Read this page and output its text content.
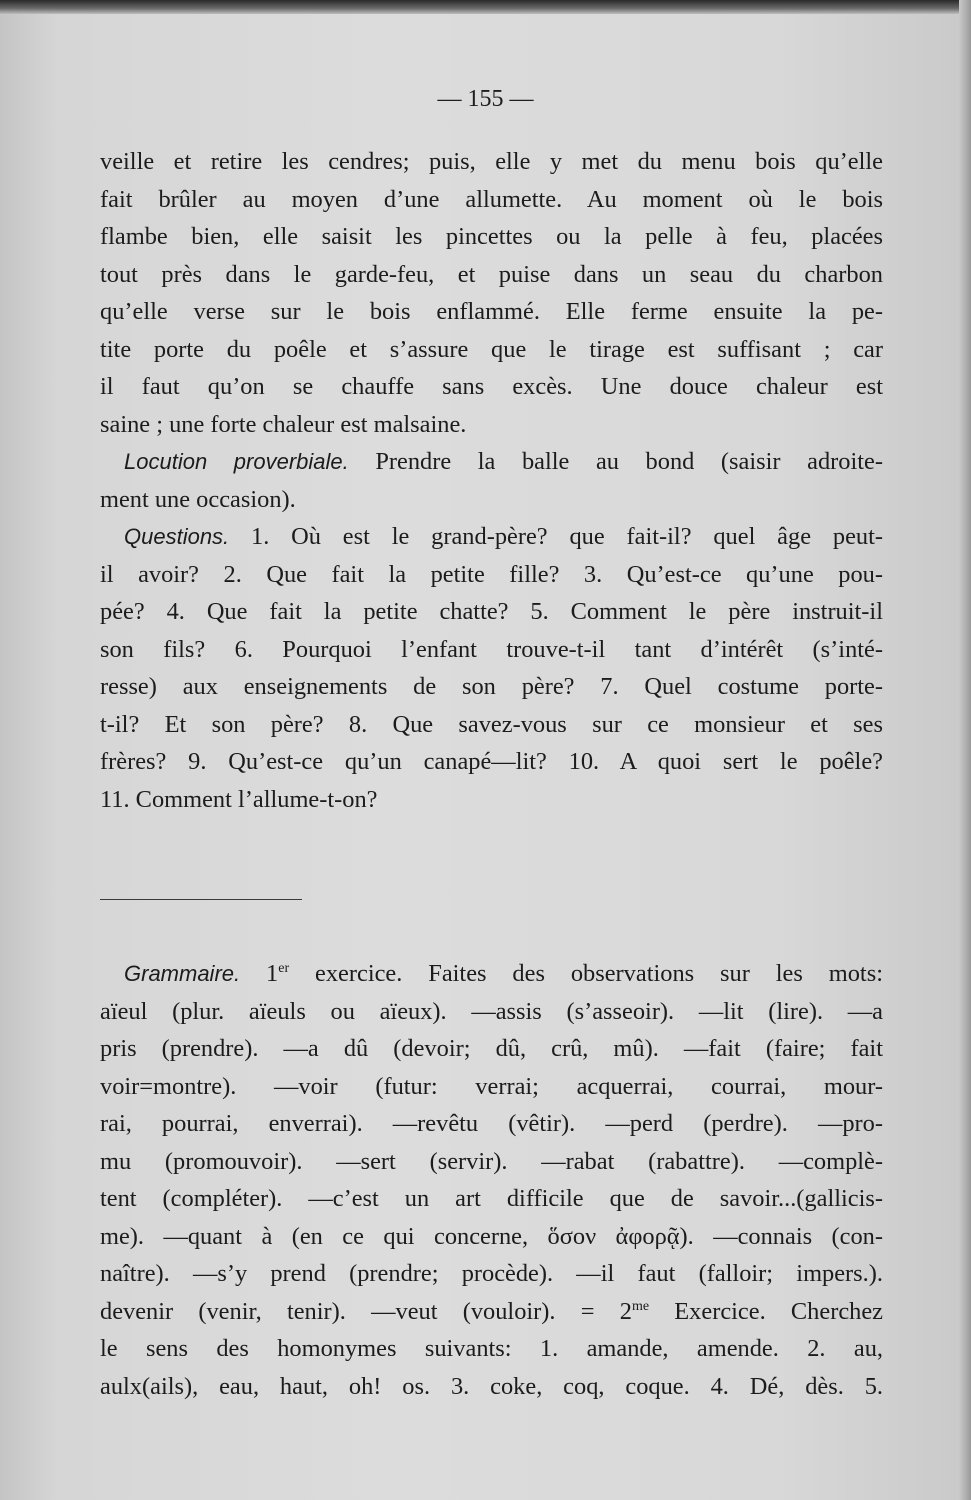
— 155 —
veille et retire les cendres; puis, elle y met du menu bois qu’elle
fait brûler au moyen d’une allumette. Au moment où le bois
flambe bien, elle saisit les pincettes ou la pelle à feu, placées
tout près dans le garde-feu, et puise dans un seau du charbon
qu’elle verse sur le bois enflammé. Elle ferme ensuite la pe-
tite porte du poêle et s’assure que le tirage est suffisant ; car
il faut qu’on se chauffe sans excès. Une douce chaleur est
saine ; une forte chaleur est malsaine.
Locution proverbiale. Prendre la balle au bond (saisir adroite-
ment une occasion).
Questions. 1. Où est le grand-père? que fait-il? quel âge peut-
il avoir? 2. Que fait la petite fille? 3. Qu’est-ce qu’une pou-
pée? 4. Que fait la petite chatte? 5. Comment le père instruit-il
son fils? 6. Pourquoi l’enfant trouve-t-il tant d’intérêt (s’inté-
resse) aux enseignements de son père? 7. Quel costume porte-
t-il? Et son père? 8. Que savez-vous sur ce monsieur et ses
frères? 9. Qu’est-ce qu’un canapé—lit? 10. A quoi sert le poêle?
11. Comment l’allume-t-on?
Grammaire. 1er exercice. Faites des observations sur les mots:
aïeul (plur. aïeuls ou aïeux). —assis (s’asseoir). —lit (lire). —a
pris (prendre). —a dû (devoir; dû, crû, mû). —fait (faire; fait
voir=montre). —voir (futur: verrai; acquerrai, courrai, mour-
rai, pourrai, enverrai). —revêtu (vêtir). —perd (perdre). —pro-
mu (promouvoir). —sert (servir). —rabat (rabattre). —complè-
tent (compléter). —c’est un art difficile que de savoir...(gallicis-
me). —quant à (en ce qui concerne, ὅσον ἀφορᾷ). —connais (con-
naître). —s’y prend (prendre; procède). —il faut (falloir; impers.).
devenir (venir, tenir). —veut (vouloir). = $2^{me}$ Exercice. Cherchez
le sens des homonymes suivants: 1. amande, amende. 2. au,
aulx(ails), eau, haut, oh! os. 3. coke, coq, coque. 4. Dé, dès. 5.
